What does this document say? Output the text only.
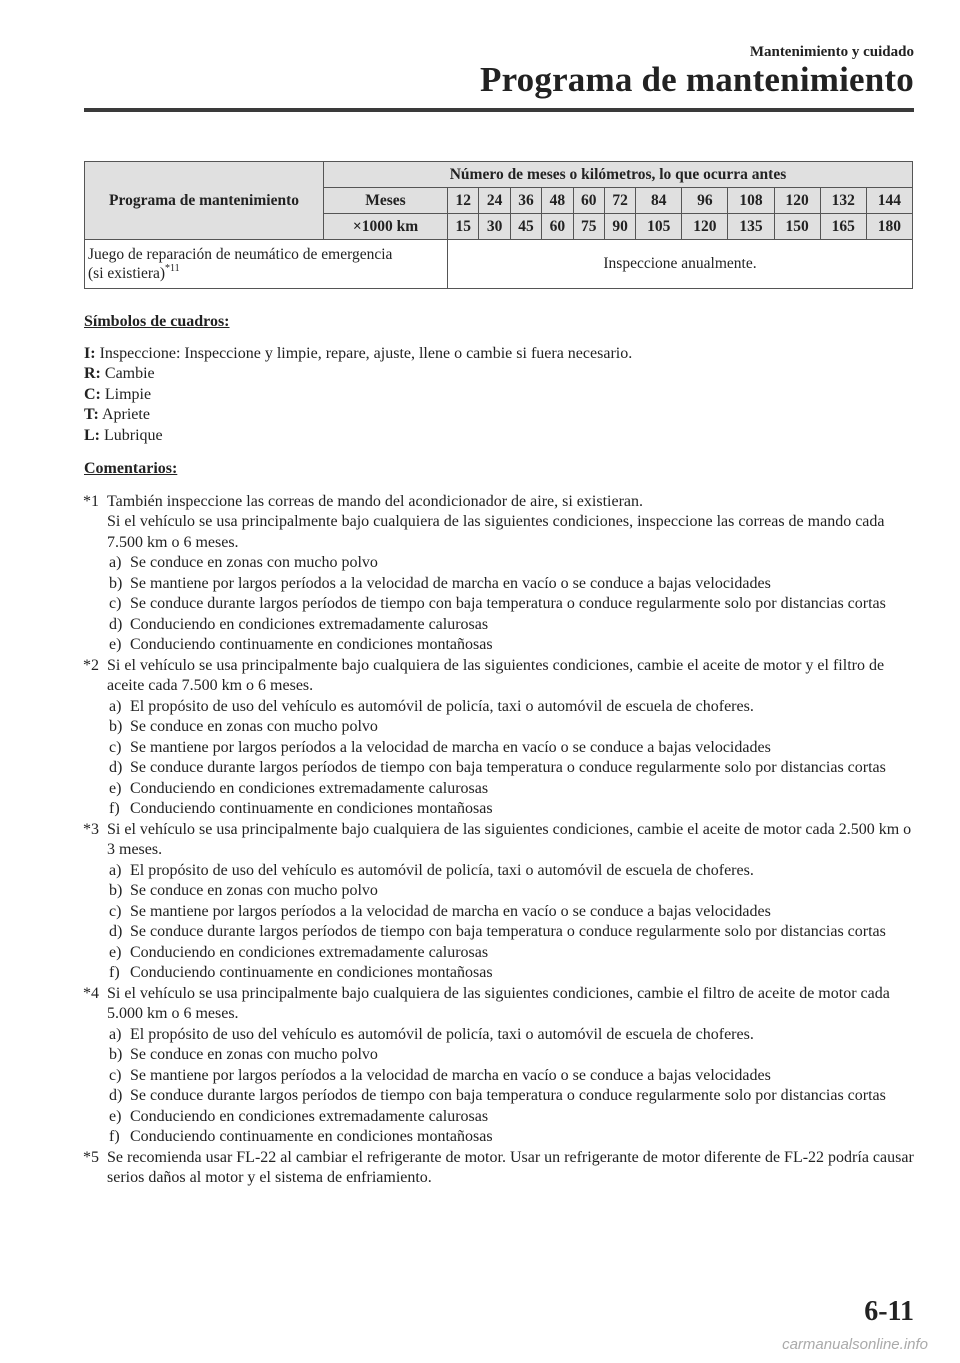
Mantenimiento y cuidado
Programa de mantenimiento
Programa de mantenimiento	Número de meses o kilómetros, lo que ocurra antes												
	Meses	12	24	36	48	60	72	84	96	108	120	132	144
	×1000 km	15	30	45	60	75	90	105	120	135	150	165	180
Juego de reparación de neumático de emergencia
(si existiera)$^{*11}$		Inspeccione anualmente.											
Símbolos de cuadros:
I: Inspeccione: Inspeccione y limpie, repare, ajuste, llene o cambie si fuera necesario.
R: Cambie
C: Limpie
T: Apriete
L: Lubrique
Comentarios:
*1 También inspeccione las correas de mando del acondicionador de aire, si existieran.
Si el vehículo se usa principalmente bajo cualquiera de las siguientes condiciones, inspeccione las correas de mando cada 7.500 km o 6 meses.
a) Se conduce en zonas con mucho polvo
b) Se mantiene por largos períodos a la velocidad de marcha en vacío o se conduce a bajas velocidades
c) Se conduce durante largos períodos de tiempo con baja temperatura o conduce regularmente solo por distancias cortas
d) Conduciendo en condiciones extremadamente calurosas
e) Conduciendo continuamente en condiciones montañosas
*2 Si el vehículo se usa principalmente bajo cualquiera de las siguientes condiciones, cambie el aceite de motor y el filtro de aceite cada 7.500 km o 6 meses.
a) El propósito de uso del vehículo es automóvil de policía, taxi o automóvil de escuela de choferes.
b) Se conduce en zonas con mucho polvo
c) Se mantiene por largos períodos a la velocidad de marcha en vacío o se conduce a bajas velocidades
d) Se conduce durante largos períodos de tiempo con baja temperatura o conduce regularmente solo por distancias cortas
e) Conduciendo en condiciones extremadamente calurosas
f) Conduciendo continuamente en condiciones montañosas
*3 Si el vehículo se usa principalmente bajo cualquiera de las siguientes condiciones, cambie el aceite de motor cada 2.500 km o 3 meses.
a) El propósito de uso del vehículo es automóvil de policía, taxi o automóvil de escuela de choferes.
b) Se conduce en zonas con mucho polvo
c) Se mantiene por largos períodos a la velocidad de marcha en vacío o se conduce a bajas velocidades
d) Se conduce durante largos períodos de tiempo con baja temperatura o conduce regularmente solo por distancias cortas
e) Conduciendo en condiciones extremadamente calurosas
f) Conduciendo continuamente en condiciones montañosas
*4 Si el vehículo se usa principalmente bajo cualquiera de las siguientes condiciones, cambie el filtro de aceite de motor cada 5.000 km o 6 meses.
a) El propósito de uso del vehículo es automóvil de policía, taxi o automóvil de escuela de choferes.
b) Se conduce en zonas con mucho polvo
c) Se mantiene por largos períodos a la velocidad de marcha en vacío o se conduce a bajas velocidades
d) Se conduce durante largos períodos de tiempo con baja temperatura o conduce regularmente solo por distancias cortas
e) Conduciendo en condiciones extremadamente calurosas
f) Conduciendo continuamente en condiciones montañosas
*5 Se recomienda usar FL-22 al cambiar el refrigerante de motor. Usar un refrigerante de motor diferente de FL-22 podría causar serios daños al motor y el sistema de enfriamiento.
6-11
carmanualsonline.info
